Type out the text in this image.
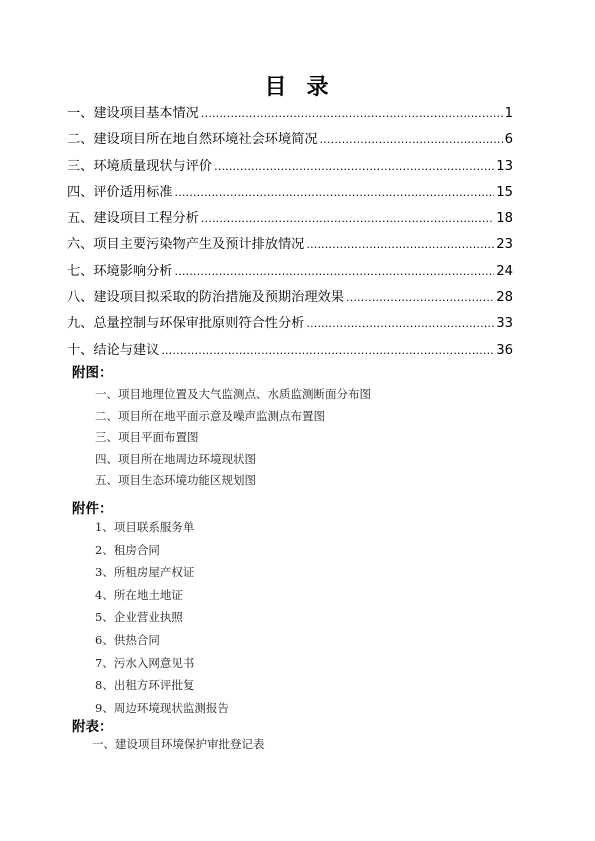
目 录
一、建设项目基本情况 .....	1
二、建设项目所在地自然环境社会环境简况 .....	6
三、环境质量现状与评价 .....	13
四、评价适用标准 .....	15
五、建设项目工程分析 .....	18
六、项目主要污染物产生及预计排放情况 .....	23
七、环境影响分析 .....	24
八、建设项目拟采取的防治措施及预期治理效果 .....	28
九、总量控制与环保审批原则符合性分析 .....	33
十、结论与建议 .....	36
附图：
一、项目地理位置及大气监测点、水质监测断面分布图
二、项目所在地平面示意及噪声监测点布置图
三、项目平面布置图
四、项目所在地周边环境现状图
五、项目生态环境功能区规划图
附件：
1、项目联系服务单
2、租房合同
3、所租房屋产权证
4、所在地土地证
5、企业营业执照
6、供热合同
7、污水入网意见书
8、出租方环评批复
9、周边环境现状监测报告
附表：
一、建设项目环境保护审批登记表
